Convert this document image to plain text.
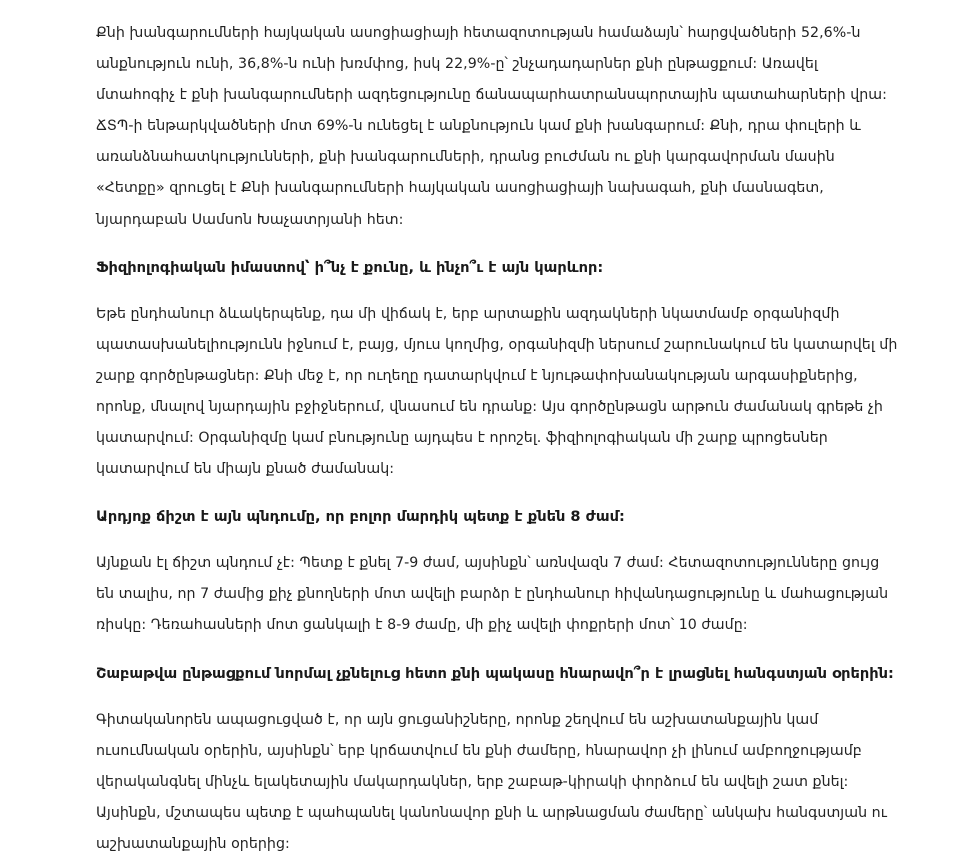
Քնի խանգարումների հայկական ասոցիացիայի հետազոտության համաձայն՝ հարցվածների 52,6%-ն անքնություն ունի, 36,8%-ն ունի խռմփոց, իսկ 22,9%-ը՝ շնչադադարներ քնի ընթացքում: Առավել մտահոգիչ է քնի խանգարումների ազդեցությունը ճանապարհատրանսպորտային պատահարների վրա: ՃՏՊ-ի ենթարկվածների մոտ 69%-ն ունեցել է անքնություն կամ քնի խանգարում: Քնի, դրա փուլերի և առանձնահատկությունների, քնի խանգարումների, դրանց բուժման ու քնի կարգավորման մասին «Հետքը» զրուցել է Քնի խանգարումների հայկական ասոցիացիայի նախագահ, քնի մասնագետ, նյարդաբան Սամսոն Խաչատրյանի հետ:

Ֆիզիոլոգիական իմաստով՝ ի՞նչ է քունը, և ինչո՞ւ է այն կարևոր:

Եթե ընդհանուր ձևակերպենք, դա մի վիճակ է, երբ արտաքին ազդակների նկատմամբ օրգանիզմի պատասխանելիությունն իջնում է, բայց, մյուս կողմից, օրգանիզմի ներսում շարունակում են կատարվել մի շարք գործընթացներ: Քնի մեջ է, որ ուղեղը դատարկվում է նյութափոխանակության արգասիքներից, որոնք, մնալով նյարդային բջիջներում, վնասում են դրանք: Այս գործընթացն արթուն ժամանակ գրեթե չի կատարվում: Օրգանիզմը կամ բնությունը այդպես է որոշել. ֆիզիոլոգիական մի շարք պրոցեսներ կատարվում են միայն քնած ժամանակ:

Արդյոք ճիշտ է այն պնդումը, որ բոլոր մարդիկ պետք է քնեն 8 ժամ:

Այնքան էլ ճիշտ պնդում չէ: Պետք է քնել 7-9 ժամ, այսինքն՝ առնվազն 7 ժամ: Հետազոտությունները ցույց են տալիս, որ 7 ժամից քիչ քնողների մոտ ավելի բարձր է ընդհանուր հիվանդացությունը և մահացության ռիսկը: Դեռահասների մոտ ցանկալի է 8-9 ժամը, մի քիչ ավելի փոքրերի մոտ՝ 10 ժամը:

Շաբաթվա ընթացքում նորմալ չքնելուց հետո քնի պակասը հնարավո՞ր է լրացնել հանգստյան օրերին:

Գիտականորեն ապացուցված է, որ այն ցուցանիշները, որոնք շեղվում են աշխատանքային կամ ուսումնական օրերին, այսինքն՝ երբ կրճատվում են քնի ժամերը, հնարավոր չի լինում ամբողջությամբ վերականգնել մինչև ելակետային մակարդակներ, երբ շաբաթ-կիրակի փորձում են ավելի շատ քնել: Այսինքն, մշտապես պետք է պահպանել կանոնավոր քնի և արթնացման ժամերը՝ անկախ հանգստյան ու աշխատանքային օրերից:
